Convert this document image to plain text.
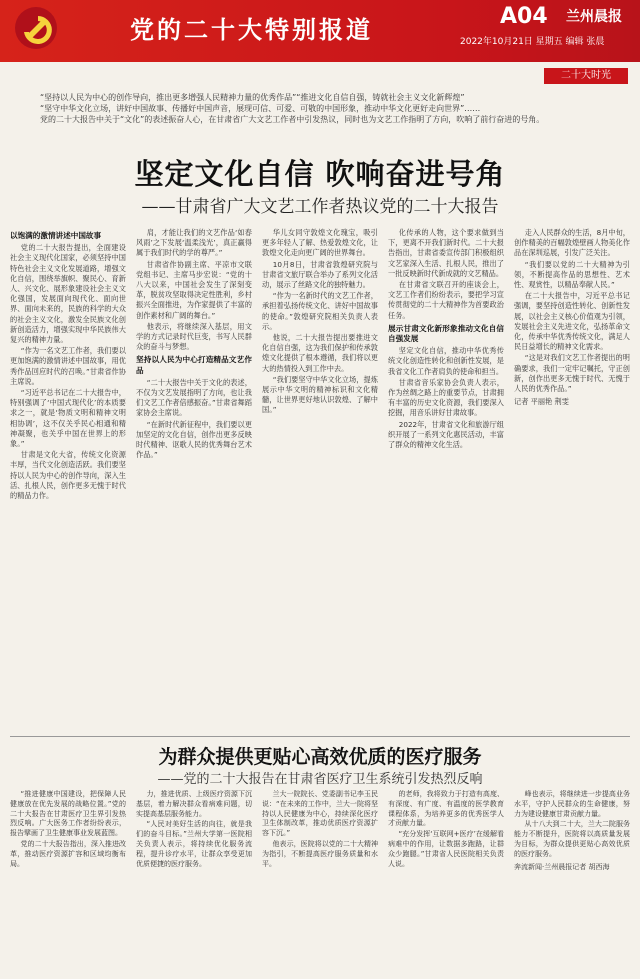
党的二十大特别报道	A04 兰州晨报
2022年10月21日 星期五 编辑 张晨
二十大时光

“坚持以人民为中心的创作导向，推出更多增强人民精神力量的优秀作品”“推进文化自信自强，铸就社会主义文化新辉煌”

“坚守中华文化立场，讲好中国故事、传播好中国声音，展现可信、可爱、可敬的中国形象，推动中华文化更好走向世界”……

党的二十大报告中关于“文化”的表述振奋人心，在甘肃省广大文艺工作者中引发热议，同时也为文艺工作指明了方向，吹响了前行奋进的号角。

坚定文化自信 吹响奋进号角
——甘肃省广大文艺工作者热议党的二十大报告

以饱满的激情讲述中国故事

党的二十大报告提出，全面建设社会主义现代化国家，必须坚持中国特色社会主义文化发展道路，增强文化自信，围绕举旗帜、聚民心、育新人、兴文化、展形象建设社会主义文化强国，发展面向现代化、面向世界、面向未来的，民族的科学的大众的社会主义文化，激发全民族文化创新创造活力，增强实现中华民族伟大复兴的精神力量。

“作为一名文艺工作者，我们要以更加饱满的激情讲述中国故事，用优秀作品回应时代的召唤。”甘肃省作协主席说。

“习近平总书记在二十大报告中，特别强调了‘中国式现代化’的本质要求之一，就是‘物质文明和精神文明相协调’，这不仅关乎民心相通和精神凝聚，也关乎中国在世界上的形象。”

甘肃是文化大省，传统文化资源丰厚，当代文化创造活跃。我们要坚持以人民为中心的创作导向，深入生活、扎根人民，创作更多无愧于时代的精品力作。

肩，才能让我们的文艺作品‘如春风雨’之下发展‘温柔浅光’，真正赢得属于我们时代的学的尊严。”

甘肃省作协副主席、平凉市文联党组书记、主席马步宏说：“党的十八大以来，中国社会发生了深刻变革，脱贫攻坚取得决定性胜利，乡村振兴全面推进，为作家提供了丰富的创作素材和广阔的舞台。”

他表示，将继续深入基层，用文学的方式记录时代巨变，书写人民群众的奋斗与梦想。

坚持以人民为中心打造精品文艺作品

“二十大报告中关于文化的表述，不仅为文艺发展指明了方向，也让我们文艺工作者倍感振奋。”甘肃省舞蹈家协会主席说。

“在新时代新征程中，我们要以更加坚定的文化自信，创作出更多反映时代精神、讴歌人民的优秀舞台艺术作品。”

华儿女同守敦煌文化瑰宝，吸引更多年轻人了解、热爱敦煌文化，让敦煌文化走向更广阔的世界舞台。

10月8日，甘肃省敦煌研究院与甘肃省文旅厅联合举办了系列文化活动，展示了丝路文化的独特魅力。

“作为一名新时代的文艺工作者，承担着弘扬传统文化、讲好中国故事的使命。”敦煌研究院相关负责人表示。

他说，二十大报告提出要推进文化自信自强，这为我们保护和传承敦煌文化提供了根本遵循，我们将以更大的热情投入到工作中去。

“我们要坚守中华文化立场，提炼展示中华文明的精神标识和文化精髓，让世界更好地认识敦煌、了解中国。”

化传承的人物，这个要求做到当下，更离不开我们新时代。二十大报告指出，甘肃省委宣传部门积极组织文艺家深入生活、扎根人民，推出了一批反映新时代新成就的文艺精品。

在甘肃省文联召开的座谈会上，文艺工作者们纷纷表示，要把学习宣传贯彻党的二十大精神作为首要政治任务。

展示甘肃文化新形象推动文化自信自强发展

坚定文化自信，推动中华优秀传统文化创造性转化和创新性发展，是我省文化工作者肩负的使命和担当。

甘肃省音乐家协会负责人表示，作为丝绸之路上的重要节点，甘肃拥有丰富的历史文化资源，我们要深入挖掘，用音乐讲好甘肃故事。

2022年，甘肃省文化和旅游厅组织开展了一系列文化惠民活动，丰富了群众的精神文化生活。

走入人民群众的生活，8月中旬，创作精美的百幅敦煌壁画人物美化作品在深圳巡展，引发广泛关注。

“我们要以党的二十大精神为引领，不断提高作品的思想性、艺术性、观赏性，以精品奉献人民。”

在二十大报告中，习近平总书记强调，要坚持创造性转化、创新性发展，以社会主义核心价值观为引领，发展社会主义先进文化，弘扬革命文化，传承中华优秀传统文化，满足人民日益增长的精神文化需求。

“这是对我们文艺工作者提出的明确要求，我们一定牢记嘱托，守正创新，创作出更多无愧于时代、无愧于人民的优秀作品。”

记者 平丽艳 荆雯

为群众提供更贴心高效优质的医疗服务
——党的二十大报告在甘肃省医疗卫生系统引发热烈反响

“推进健康中国建设，把保障人民健康放在优先发展的战略位置。”党的二十大报告在甘肃医疗卫生界引发热烈反响。广大医务工作者纷纷表示，报告擘画了卫生健康事业发展蓝图。

党的二十大报告指出，深入推进改革，推动医疗资源扩容和区域均衡布局。

力，推进优质、上级医疗资源下沉基层，着力解决群众看病难问题，切实提高基层服务能力。

“人民对美好生活的向往，就是我们的奋斗目标。”兰州大学第一医院相关负责人表示，将持续优化服务流程，提升诊疗水平，让群众享受更加优质便捷的医疗服务。

兰大一院院长、党委副书记李玉民说：“在未来的工作中，兰大一院将坚持以人民健康为中心，持续深化医疗卫生体制改革，推动优质医疗资源扩容下沉。”

他表示，医院将以党的二十大精神为指引，不断提高医疗服务质量和水平。

的老师，我将致力于打造有高度、有深度、有广度、有温度的医学教育课程体系，为培养更多的优秀医学人才贡献力量。

“充分发挥‘互联网+医疗’在缓解看病难中的作用，让数据多跑路，让群众少跑腿。”甘肃省人民医院相关负责人说。

峰也表示，将继续进一步提高业务水平，守护人民群众的生命健康，努力为建设健康甘肃贡献力量。

从十八大到二十大，兰大二院服务能力不断提升，医院将以高质量发展为目标，为群众提供更贴心高效优质的医疗服务。

奔流新闻·兰州晨报记者 胡西海
